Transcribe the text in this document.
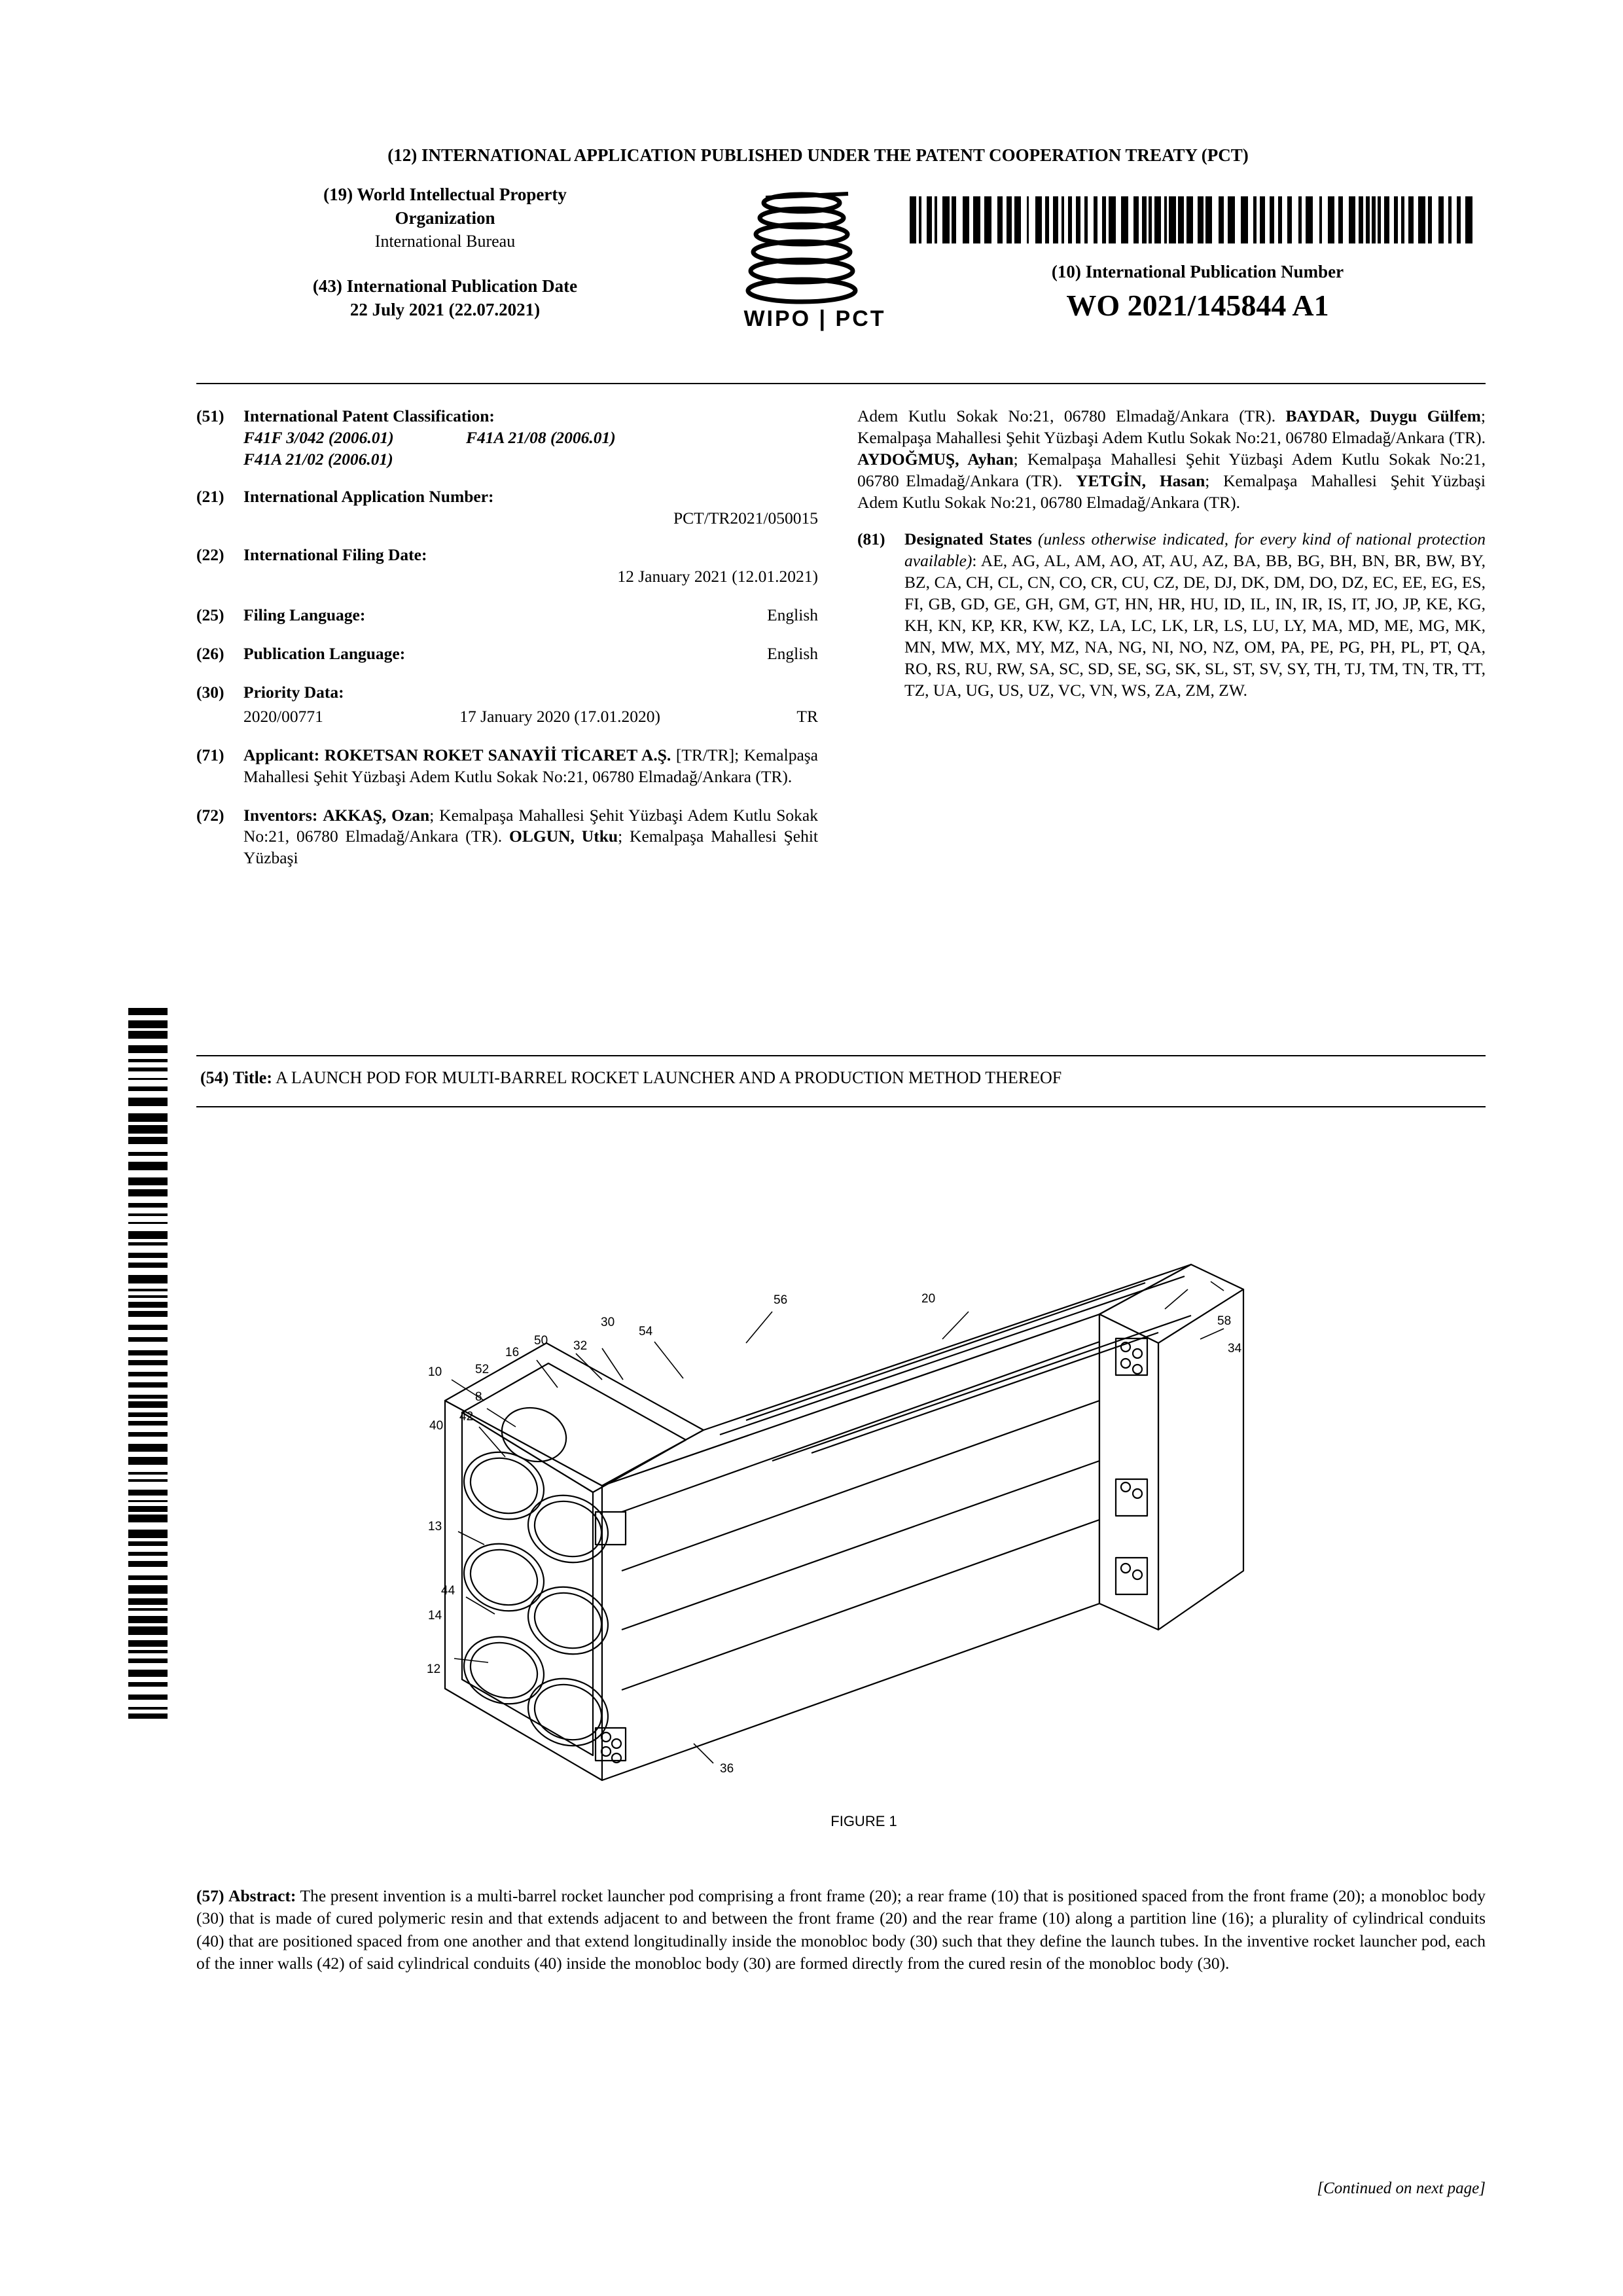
(12) INTERNATIONAL APPLICATION PUBLISHED UNDER THE PATENT COOPERATION TREATY (PCT)
(19) World Intellectual Property
Organization
International Bureau
(43) International Publication Date
22 July 2021 (22.07.2021)	WIPO | PCT
(10) International Publication Number
WO 2021/145844 A1
(51)	International Patent Classification:
F41F 3/042 (2006.01)	F41A 21/08 (2006.01)
F41A 21/02 (2006.01)
(21)	International Application Number:
PCT/TR2021/050015
(22)	International Filing Date:
12 January 2021 (12.01.2021)
(25)	Filing Language:	English
(26)	Publication Language:	English
(30)	Priority Data:
2020/00771	17 January 2020 (17.01.2020)	TR
(71)	Applicant: ROKETSAN ROKET SANAYİİ TİCARET A.Ş. [TR/TR]; Kemalpaşa Mahallesi Şehit Yüzbaşi Adem Kutlu Sokak No:21, 06780 Elmadağ/Ankara (TR).
(72)	Inventors: AKKAŞ, Ozan; Kemalpaşa Mahallesi Şehit Yüzbaşi Adem Kutlu Sokak No:21, 06780 Elmadağ/Ankara (TR). OLGUN, Utku; Kemalpaşa Mahallesi Şehit Yüzbaşi
Adem Kutlu Sokak No:21, 06780 Elmadağ/Ankara (TR). BAYDAR, Duygu Gülfem; Kemalpaşa Mahallesi Şehit Yüzbaşi Adem Kutlu Sokak No:21, 06780 Elmadağ/Ankara (TR). AYDOĞMUŞ, Ayhan; Kemalpaşa Mahallesi Şehit Yüzbaşi Adem Kutlu Sokak No:21, 06780 Elmadağ/Ankara (TR).  YETGİN,  Hasan;  Kemalpaşa  Mahallesi  Şehit Yüzbaşi Adem Kutlu Sokak No:21, 06780 Elmadağ/Ankara (TR).
(81)	Designated States (unless otherwise indicated, for every kind of national protection available): AE, AG, AL, AM, AO, AT, AU, AZ, BA, BB, BG, BH, BN, BR, BW, BY, BZ, CA, CH, CL, CN, CO, CR, CU, CZ, DE, DJ, DK, DM, DO, DZ, EC, EE, EG, ES, FI, GB, GD, GE, GH, GM, GT, HN, HR, HU, ID, IL, IN, IR, IS, IT, JO, JP, KE, KG, KH, KN, KP, KR, KW, KZ, LA, LC, LK, LR, LS, LU, LY, MA, MD, ME, MG, MK, MN, MW, MX, MY, MZ, NA, NG, NI, NO, NZ, OM, PA, PE, PG, PH, PL, PT, QA, RO, RS, RU, RW, SA, SC, SD, SE, SG, SK, SL, ST, SV, SY, TH, TJ, TM, TN, TR, TT, TZ, UA, UG, US, UZ, VC, VN, WS, ZA, ZM, ZW.
(54) Title: A LAUNCH POD FOR MULTI-BARREL ROCKET LAUNCHER AND A PRODUCTION METHOD THEREOF
10
42
40
13
44
14
12
8
16
52
50 32
30
54
56	20
58
34
36
FIGURE 1
(57) Abstract: The present invention is a multi-barrel rocket launcher pod comprising a front frame (20); a rear frame (10) that is positioned spaced from the front frame (20); a monobloc body (30) that is made of cured polymeric resin and that extends adjacent to and between the front frame (20) and the rear frame (10) along a partition line (16); a plurality of cylindrical conduits (40) that are positioned spaced from one another and that extend longitudinally inside the monobloc body (30) such that they define the launch tubes. In the inventive rocket launcher pod, each of the inner walls (42) of said cylindrical conduits (40) inside the monobloc body (30) are formed directly from the cured resin of the monobloc body (30).
[Continued on next page]
